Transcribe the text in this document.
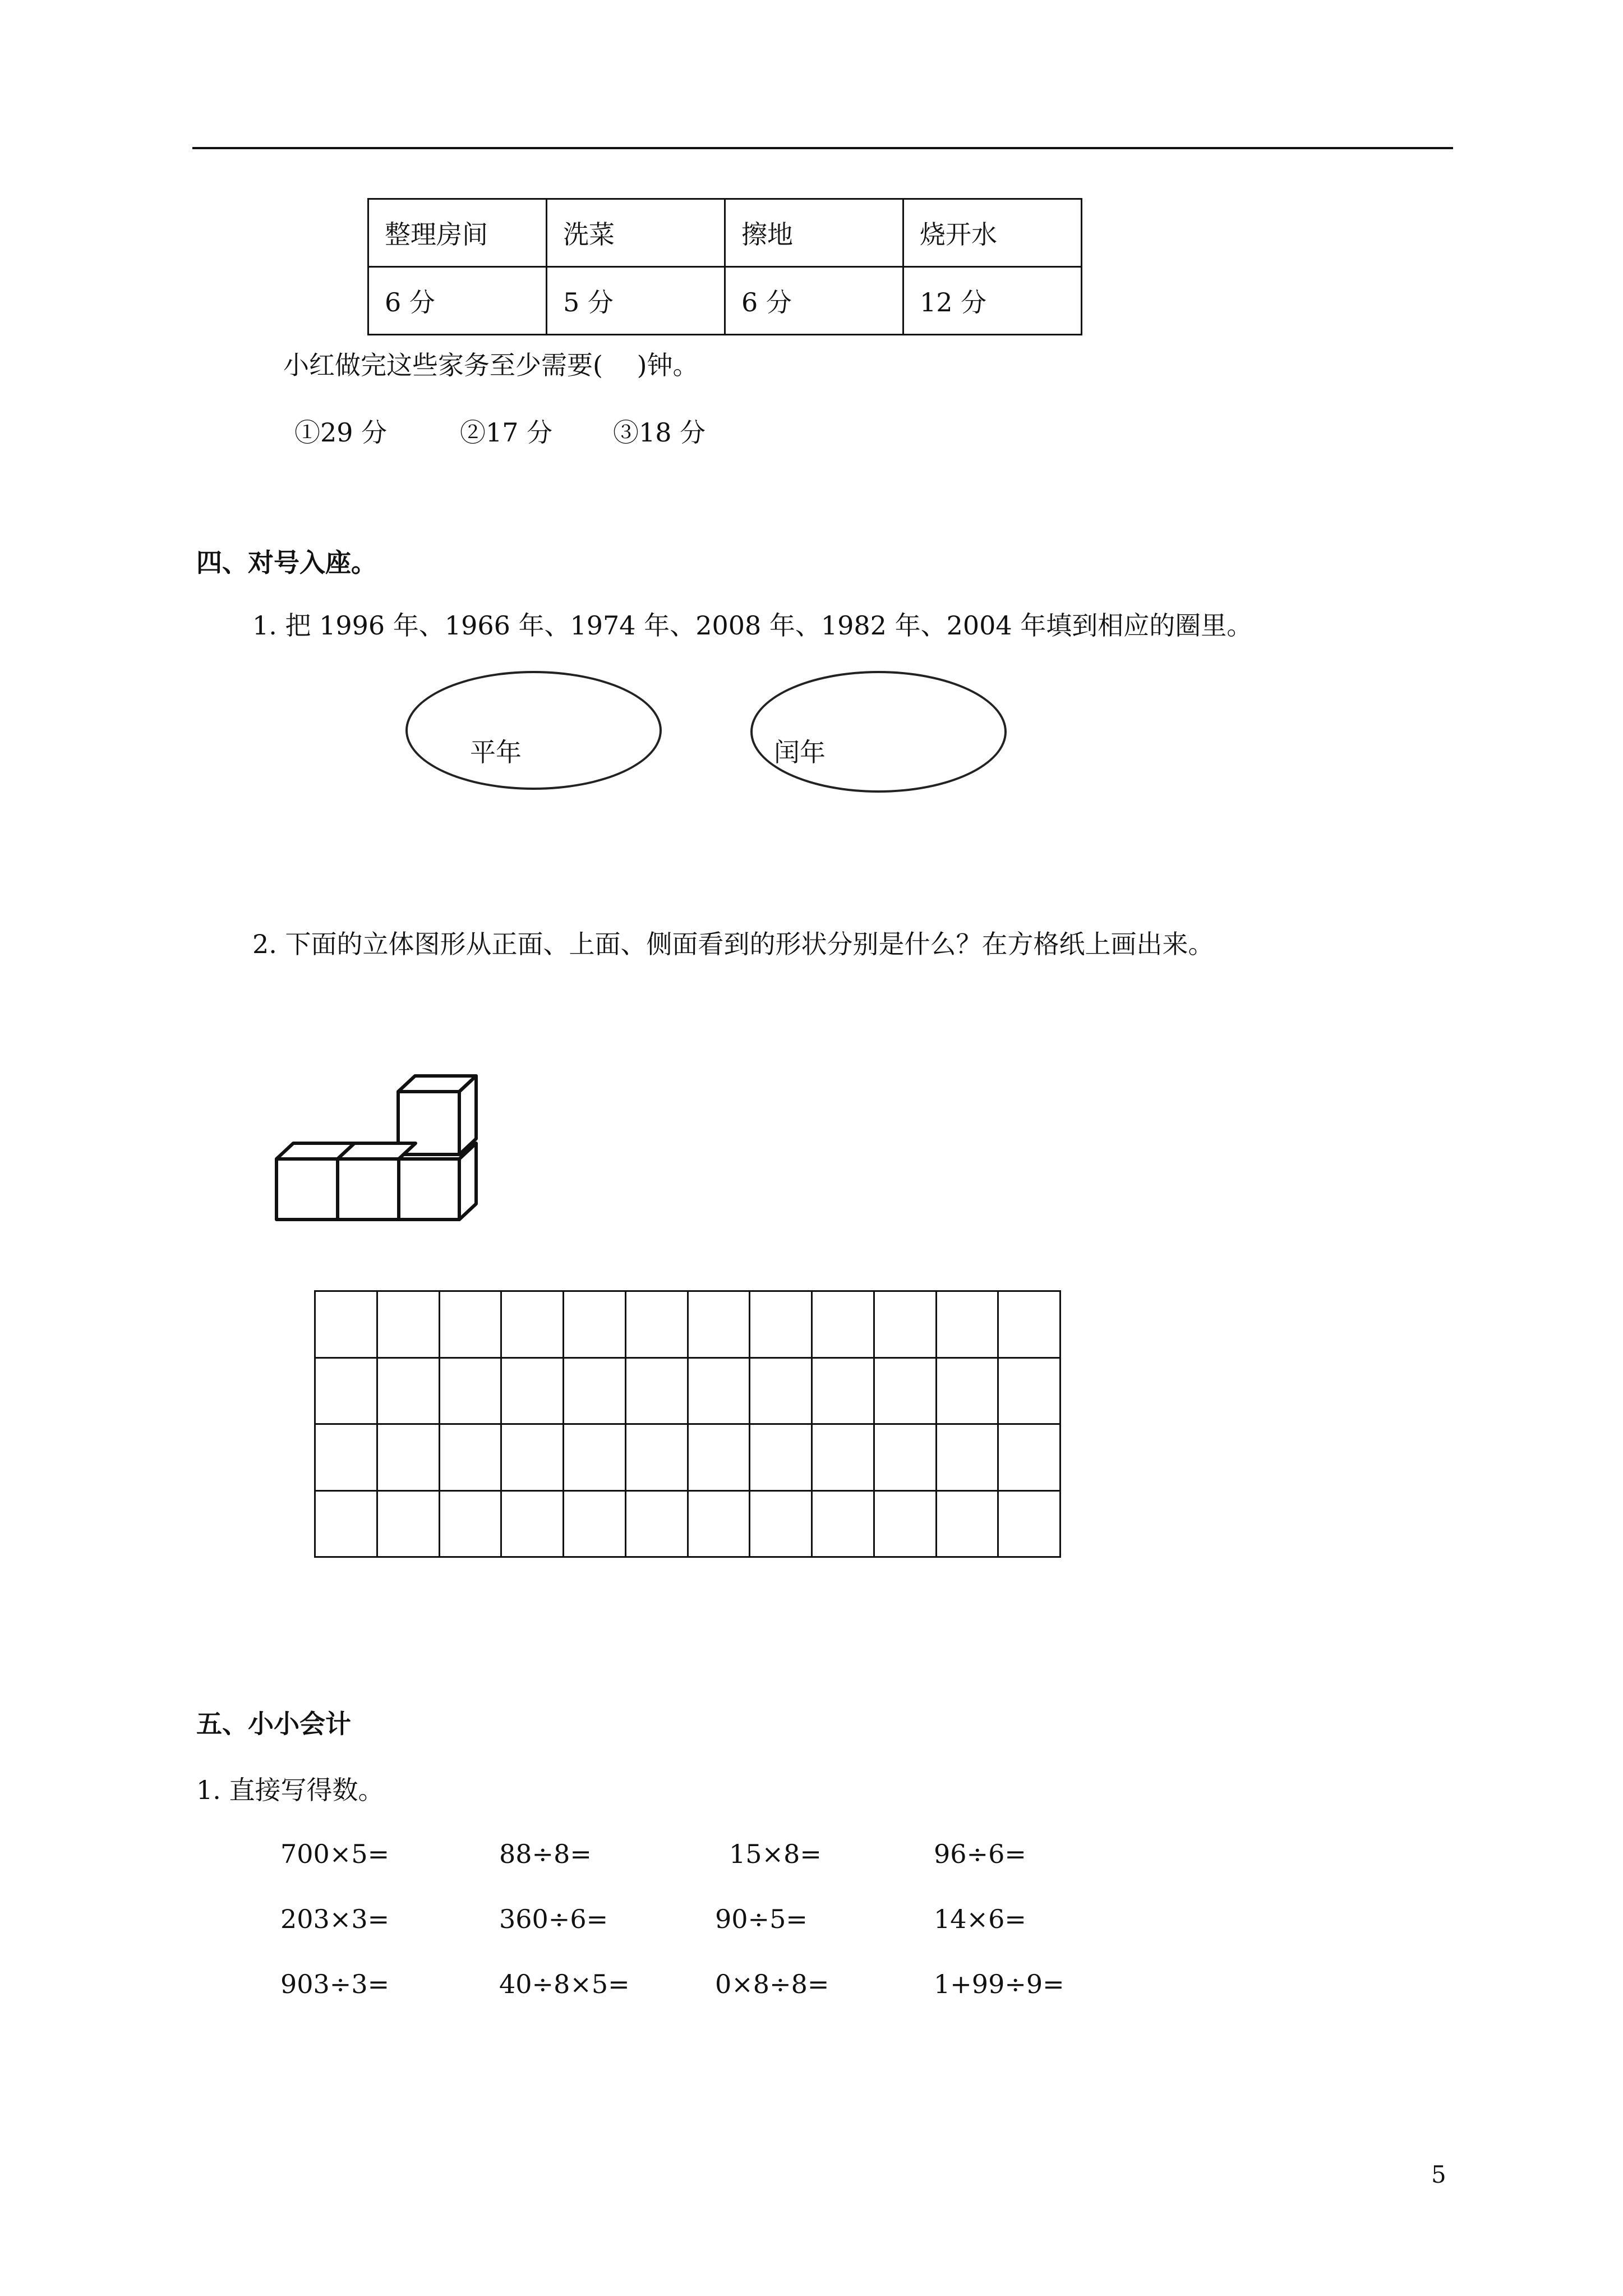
整理房间	洗菜	擦地	烧开水
6 分	5 分	6 分	12 分
小红做完这些家务至少需要(　 )钟。
①29 分	②17 分 ③18 分
四、对号入座。
1. 把 1996 年、1966 年、1974 年、2008 年、1982 年、2004 年填到相应的圈里。
平年	闰年
2. 下面的立体图形从正面、上面、侧面看到的形状分别是什么？在方格纸上画出来。

五、小小会计
1. 直接写得数。
700×5=	88÷8=	15×8=	96÷6=
203×3=	360÷6=	90÷5=	14×6=
903÷3=	40÷8×5=	0×8÷8=	1+99÷9=
5
